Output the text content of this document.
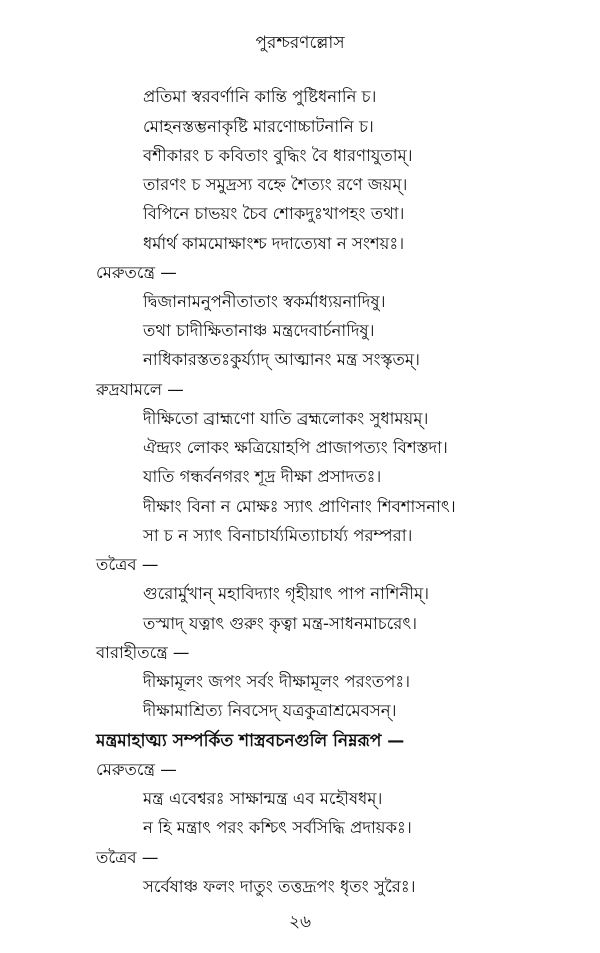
পুরশ্চরণল্লোস
প্রতিমা স্বরবর্ণানি কান্তি পুষ্টিধনানি চ।
মোহনস্তম্ভনাকৃষ্টি মারণোচ্চাটনানি চ।
বশীকারং চ কবিতাং বুদ্ধিং বৈ ধারণাযুতাম্।
তারণং চ সমুদ্রস্য বহ্নে শৈত্যং রণে জয়ম্।
বিপিনে চাভয়ং চৈব শোকদুঃখাপহং তথা।
ধর্মার্থ কামমোক্ষাংশ্চ দদাত্যেষা ন সংশয়ঃ।
মেরুতন্ত্রে —
দ্বিজানামনুপনীতাতাং স্বকর্মাধ্যয়নাদিষু।
তথা চাদীক্ষিতানাঞ্চ মন্ত্রদেবার্চনাদিষু।
নাধিকারস্ততঃকুর্য্যাদ্ আত্মানং মন্ত্র সংস্কৃতম্।
রুদ্রযামলে —
দীক্ষিতো ব্রাহ্মণো যাতি ব্রহ্মলোকং সুধাময়ম্।
ঐন্দ্র্যং লোকং ক্ষত্রিয়োহপি প্রাজাপত্যং বিশস্তদা।
যাতি গন্ধর্বনগরং শূদ্র দীক্ষা প্রসাদতঃ।
দীক্ষাং বিনা ন মোক্ষঃ স্যাৎ প্রাণিনাং শিবশাসনাৎ।
সা চ ন স্যাৎ বিনাচার্য্যমিত্যাচার্য্য পরম্পরা।
তত্রৈব —
গুরোর্মুখান্ মহাবিদ্যাং গৃহীয়াৎ পাপ নাশিনীম্।
তস্মাদ্ যত্নাৎ গুরুং কৃত্বা মন্ত্র-সাধনমাচরেৎ।
বারাহীতন্ত্রে —
দীক্ষামূলং জপং সর্বং দীক্ষামূলং পরংতপঃ।
দীক্ষামাশ্রিত্য নিবসেদ্ যত্রকুত্রাশ্রমেবসন্।
মন্ত্রমাহাত্ম্য সম্পর্কিত শাস্ত্রবচনগুলি নিম্নরূপ —
মেরুতন্ত্রে —
মন্ত্র এবেশ্বরঃ সাক্ষান্মন্ত্র এব মহৌষধম্।
ন হি মন্ত্রাৎ পরং কশ্চিৎ সর্বসিদ্ধি প্রদায়কঃ।
তত্রৈব —
সর্বেষাঞ্চ ফলং দাতুং তত্তদ্রূপং ধৃতং সুরৈঃ।
২৬
